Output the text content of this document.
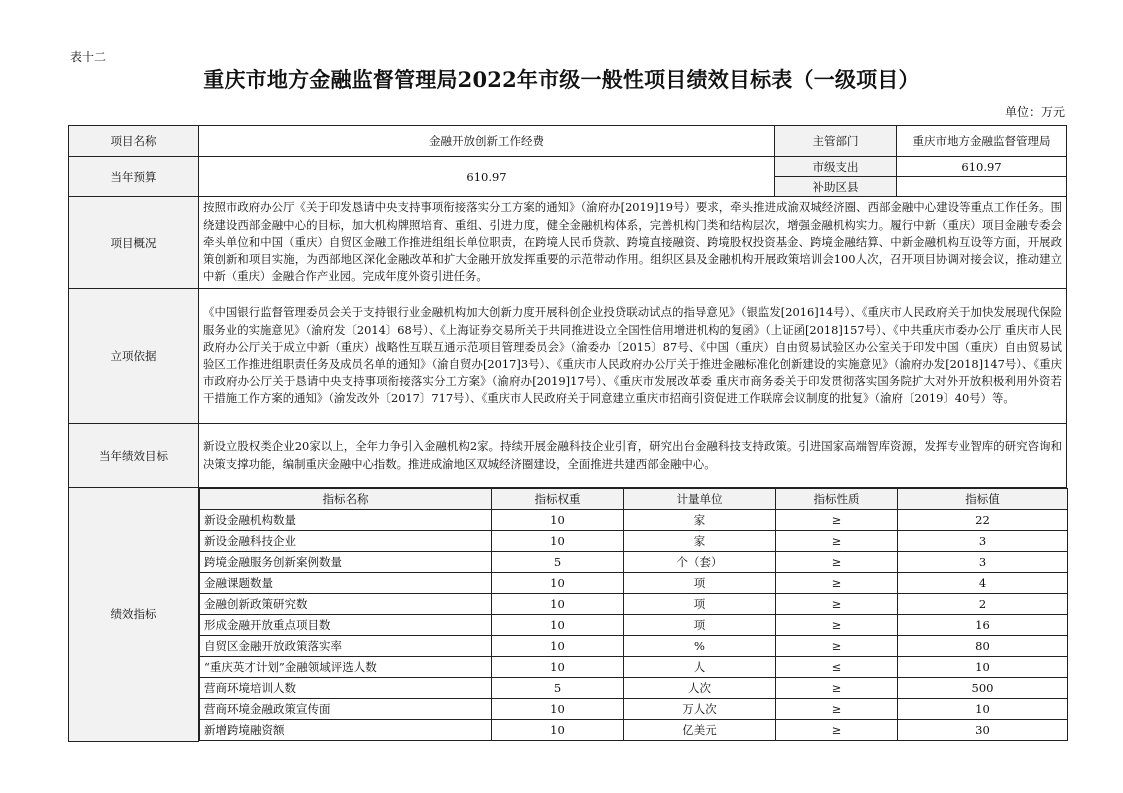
表十二
重庆市地方金融监督管理局2022年市级一般性项目绩效目标表（一级项目）
单位：万元
项目名称	金融开放创新工作经费	主管部门	重庆市地方金融监督管理局
当年预算	610.97	市级支出	610.97
补助区县	
项目概况	按照市政府办公厅《关于印发恳请中央支持事项衔接落实分工方案的通知》（渝府办[2019]19号）要求，牵头推进成渝双城经济圈、西部金融中心建设等重点工作任务。围绕建设西部金融中心的目标，加大机构牌照培育、重组、引进力度，健全金融机构体系，完善机构门类和结构层次，增强金融机构实力。履行中新（重庆）项目金融专委会牵头单位和中国（重庆）自贸区金融工作推进组组长单位职责，在跨境人民币贷款、跨境直接融资、跨境股权投资基金、跨境金融结算、中新金融机构互设等方面，开展政策创新和项目实施，为西部地区深化金融改革和扩大金融开放发挥重要的示范带动作用。组织区县及金融机构开展政策培训会100人次，召开项目协调对接会议，推动建立中新（重庆）金融合作产业园。完成年度外资引进任务。
立项依据	《中国银行监督管理委员会关于支持银行业金融机构加大创新力度开展科创企业投贷联动试点的指导意见》（银监发[2016]14号）、《重庆市人民政府关于加快发展现代保险服务业的实施意见》（渝府发〔2014〕68号）、《上海证券交易所关于共同推进设立全国性信用增进机构的复函》（上证函[2018]157号）、《中共重庆市委办公厅 重庆市人民政府办公厅关于成立中新（重庆）战略性互联互通示范项目管理委员会》（渝委办〔2015〕87号、《中国（重庆）自由贸易试验区办公室关于印发中国（重庆）自由贸易试验区工作推进组职责任务及成员名单的通知》（渝自贸办[2017]3号）、《重庆市人民政府办公厅关于推进金融标准化创新建设的实施意见》（渝府办发[2018]147号）、《重庆市政府办公厅关于恳请中央支持事项衔接落实分工方案》（渝府办[2019]17号）、《重庆市发展改革委 重庆市商务委关于印发贯彻落实国务院扩大对外开放积极利用外资若干措施工作方案的通知》（渝发改外〔2017〕717号）、《重庆市人民政府关于同意建立重庆市招商引资促进工作联席会议制度的批复》（渝府〔2019〕40号）等。
当年绩效目标	新设立股权类企业20家以上，全年力争引入金融机构2家。持续开展金融科技企业引育，研究出台金融科技支持政策。引进国家高端智库资源，发挥专业智库的研究咨询和决策支撑功能，编制重庆金融中心指数。推进成渝地区双城经济圈建设，全面推进共建西部金融中心。
绩效指标	
指标名称	指标权重	计量单位	指标性质	指标值
新设金融机构数量	10	家	≥	22
新设金融科技企业	10	家	≥	3
跨境金融服务创新案例数量	5	个（套）	≥	3
金融课题数量	10	项	≥	4
金融创新政策研究数	10	项	≥	2
形成金融开放重点项目数	10	项	≥	16
自贸区金融开放政策落实率	10	%	≥	80
“重庆英才计划”金融领域评选人数	10	人	≤	10
营商环境培训人数	5	人次	≥	500
营商环境金融政策宣传面	10	万人次	≥	10
新增跨境融资额	10	亿美元	≥	30
